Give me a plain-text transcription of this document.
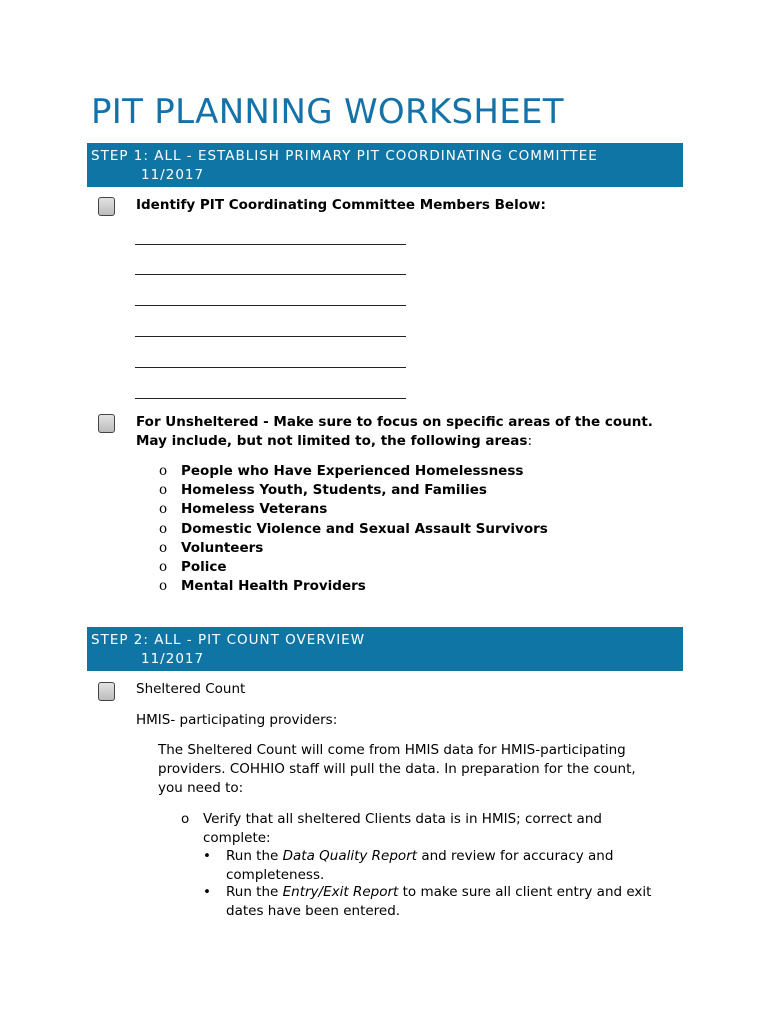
PIT PLANNING WORKSHEET
STEP 1: ALL - ESTABLISH PRIMARY PIT COORDINATING COMMITTEE
11/2017
Identify PIT Coordinating Committee Members Below:
For Unsheltered - Make sure to focus on specific areas of the count.
May include, but not limited to, the following areas:
o	People who Have Experienced Homelessness
o	Homeless Youth, Students, and Families
o	Homeless Veterans
o	Domestic Violence and Sexual Assault Survivors
o	Volunteers
o	Police
o	Mental Health Providers
STEP 2: ALL - PIT COUNT OVERVIEW
11/2017
Sheltered Count
HMIS- participating providers:
The Sheltered Count will come from HMIS data for HMIS-participating providers. COHHIO staff will pull the data. In preparation for the count, you need to:
o	Verify that all sheltered Clients data is in HMIS; correct and complete:
•	Run the Data Quality Report and review for accuracy and completeness.
•	Run the Entry/Exit Report to make sure all client entry and exit dates have been entered.
